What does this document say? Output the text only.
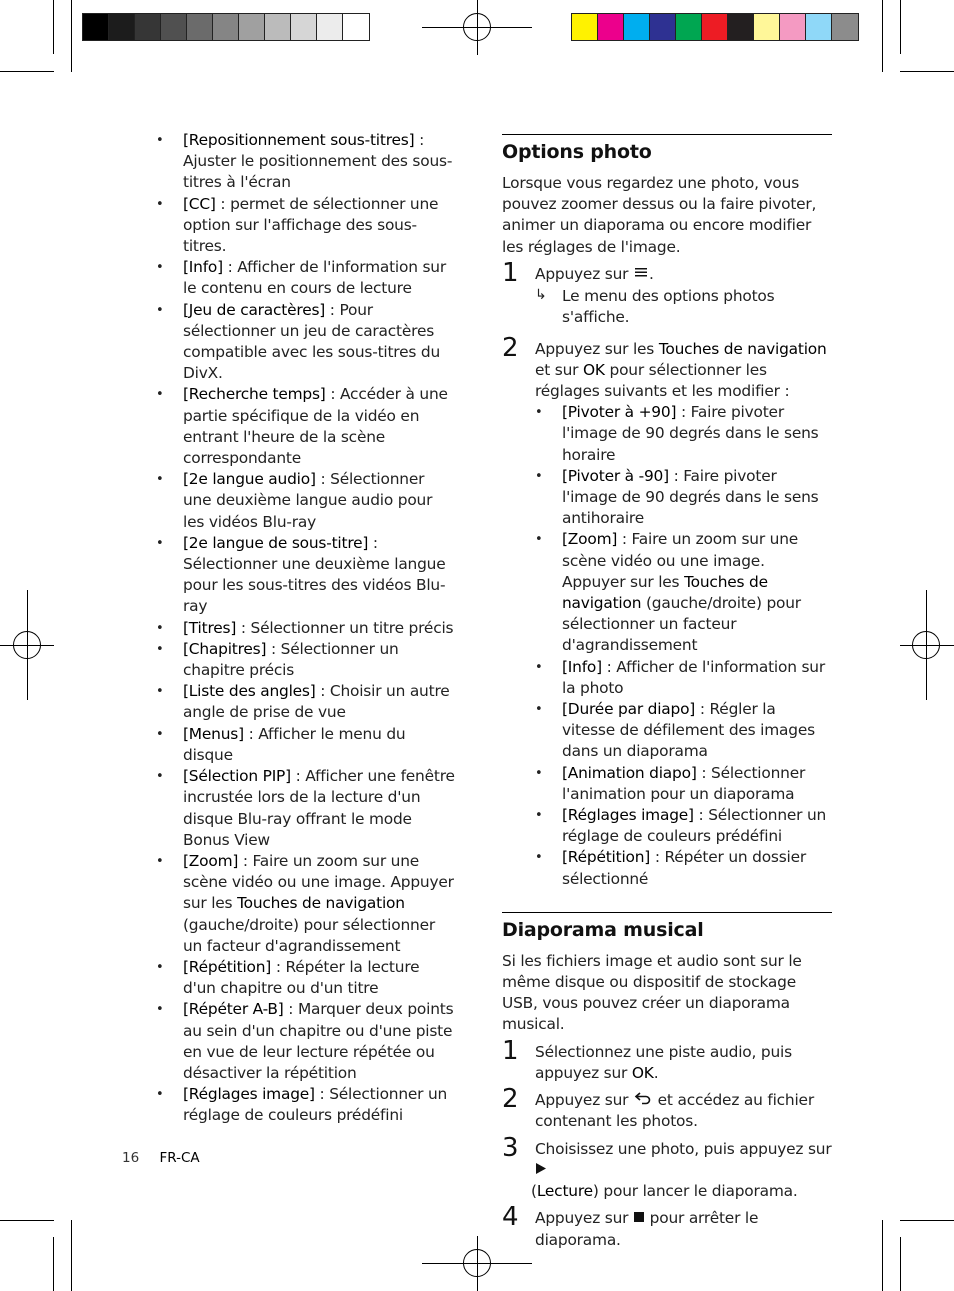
• [Repositionnement sous-titres] : Ajuster le positionnement des sous-titres à l'écran
• [CC] : permet de sélectionner une option sur l'affichage des sous-titres.
• [Info] : Afficher de l'information sur le contenu en cours de lecture
• [Jeu de caractères] : Pour sélectionner un jeu de caractères compatible avec les sous-titres du DivX.
• [Recherche temps] : Accéder à une partie spécifique de la vidéo en entrant l'heure de la scène correspondante
• [2e langue audio] : Sélectionner une deuxième langue audio pour les vidéos Blu-ray
• [2e langue de sous-titre] : Sélectionner une deuxième langue pour les sous-titres des vidéos Blu-ray
• [Titres] : Sélectionner un titre précis
• [Chapitres] : Sélectionner un chapitre précis
• [Liste des angles] : Choisir un autre angle de prise de vue
• [Menus] : Afficher le menu du disque
• [Sélection PIP] : Afficher une fenêtre incrustée lors de la lecture d'un disque Blu-ray offrant le mode Bonus View
• [Zoom] : Faire un zoom sur une scène vidéo ou une image. Appuyer sur les Touches de navigation (gauche/droite) pour sélectionner un facteur d'agrandissement
• [Répétition] : Répéter la lecture d'un chapitre ou d'un titre
• [Répéter A-B] : Marquer deux points au sein d'un chapitre ou d'une piste en vue de leur lecture répétée ou désactiver la répétition
• [Réglages image] : Sélectionner un réglage de couleurs prédéfini
Options photo

Lorsque vous regardez une photo, vous pouvez zoomer dessus ou la faire pivoter, animer un diaporama ou encore modifier les réglages de l'image.

1 Appuyez sur .
↳ Le menu des options photos s'affiche.
2 Appuyez sur les Touches de navigation et sur OK pour sélectionner les réglages suivants et les modifier :
• [Pivoter à +90] : Faire pivoter l'image de 90 degrés dans le sens horaire
• [Pivoter à -90] : Faire pivoter l'image de 90 degrés dans le sens antihoraire
• [Zoom] : Faire un zoom sur une scène vidéo ou une image. Appuyer sur les Touches de navigation (gauche/droite) pour sélectionner un facteur d'agrandissement
• [Info] : Afficher de l'information sur la photo
• [Durée par diapo] : Régler la vitesse de défilement des images dans un diaporama
• [Animation diapo] : Sélectionner l'animation pour un diaporama
• [Réglages image] : Sélectionner un réglage de couleurs prédéfini
• [Répétition] : Répéter un dossier sélectionné
Diaporama musical

Si les fichiers image et audio sont sur le même disque ou dispositif de stockage USB, vous pouvez créer un diaporama musical.

1 Sélectionnez une piste audio, puis appuyez sur OK.
2 Appuyez sur  et accédez au fichier contenant les photos.
3 Choisissez une photo, puis appuyez sur
(Lecture) pour lancer le diaporama.
4 Appuyez sur  pour arrêter le diaporama.
16 FR-CA
